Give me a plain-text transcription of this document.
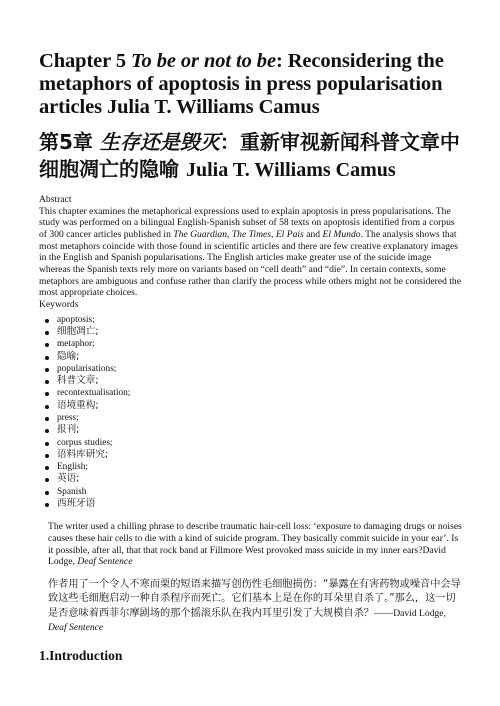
Chapter 5 To be or not to be: Reconsidering the metaphors of apoptosis in press popularisation articles Julia T. Williams Camus
第5章 生存还是毁灭：重新审视新闻科普文章中细胞凋亡的隐喻 Julia T. Williams Camus
Abstract

This chapter examines the metaphorical expressions used to explain apoptosis in press popularisations. The study was performed on a bilingual English-Spanish subset of 58 texts on apoptosis identified from a corpus of 300 cancer articles published in The Guardian, The Times, El País and El Mundo. The analysis shows that most metaphors coincide with those found in scientific articles and there are few creative explanatory images in the English and Spanish popularisations. The English articles make greater use of the suicide image whereas the Spanish texts rely more on variants based on “cell death” and “die”. In certain contexts, some metaphors are ambiguous and confuse rather than clarify the process while others might not be considered the most appropriate choices.

Keywords
apoptosis;
细胞凋亡;
metaphor;
隐喻;
popularisations;
科普文章;
recontextualisation;
语境重构;
press;
报刊;
corpus studies;
语料库研究;
English;
英语;
Spanish
西班牙语
The writer used a chilling phrase to describe traumatic hair-cell loss: ‘exposure to damaging drugs or noises causes these hair cells to die with a kind of suicide program. They basically commit suicide in your ear’. Is it possible, after all, that that rock band at Fillmore West provoked mass suicide in my inner ears?David Lodge, Deaf Sentence
作者用了一个令人不寒而栗的短语来描写创伤性毛细胞损伤：“暴露在有害药物或噪音中会导致这些毛细胞启动一种自杀程序而死亡。它们基本上是在你的耳朵里自杀了。”那么，这一切是否意味着西菲尔摩剧场的那个摇滚乐队在我内耳里引发了大规模自杀？——David Lodge, Deaf Sentence
1.Introduction
